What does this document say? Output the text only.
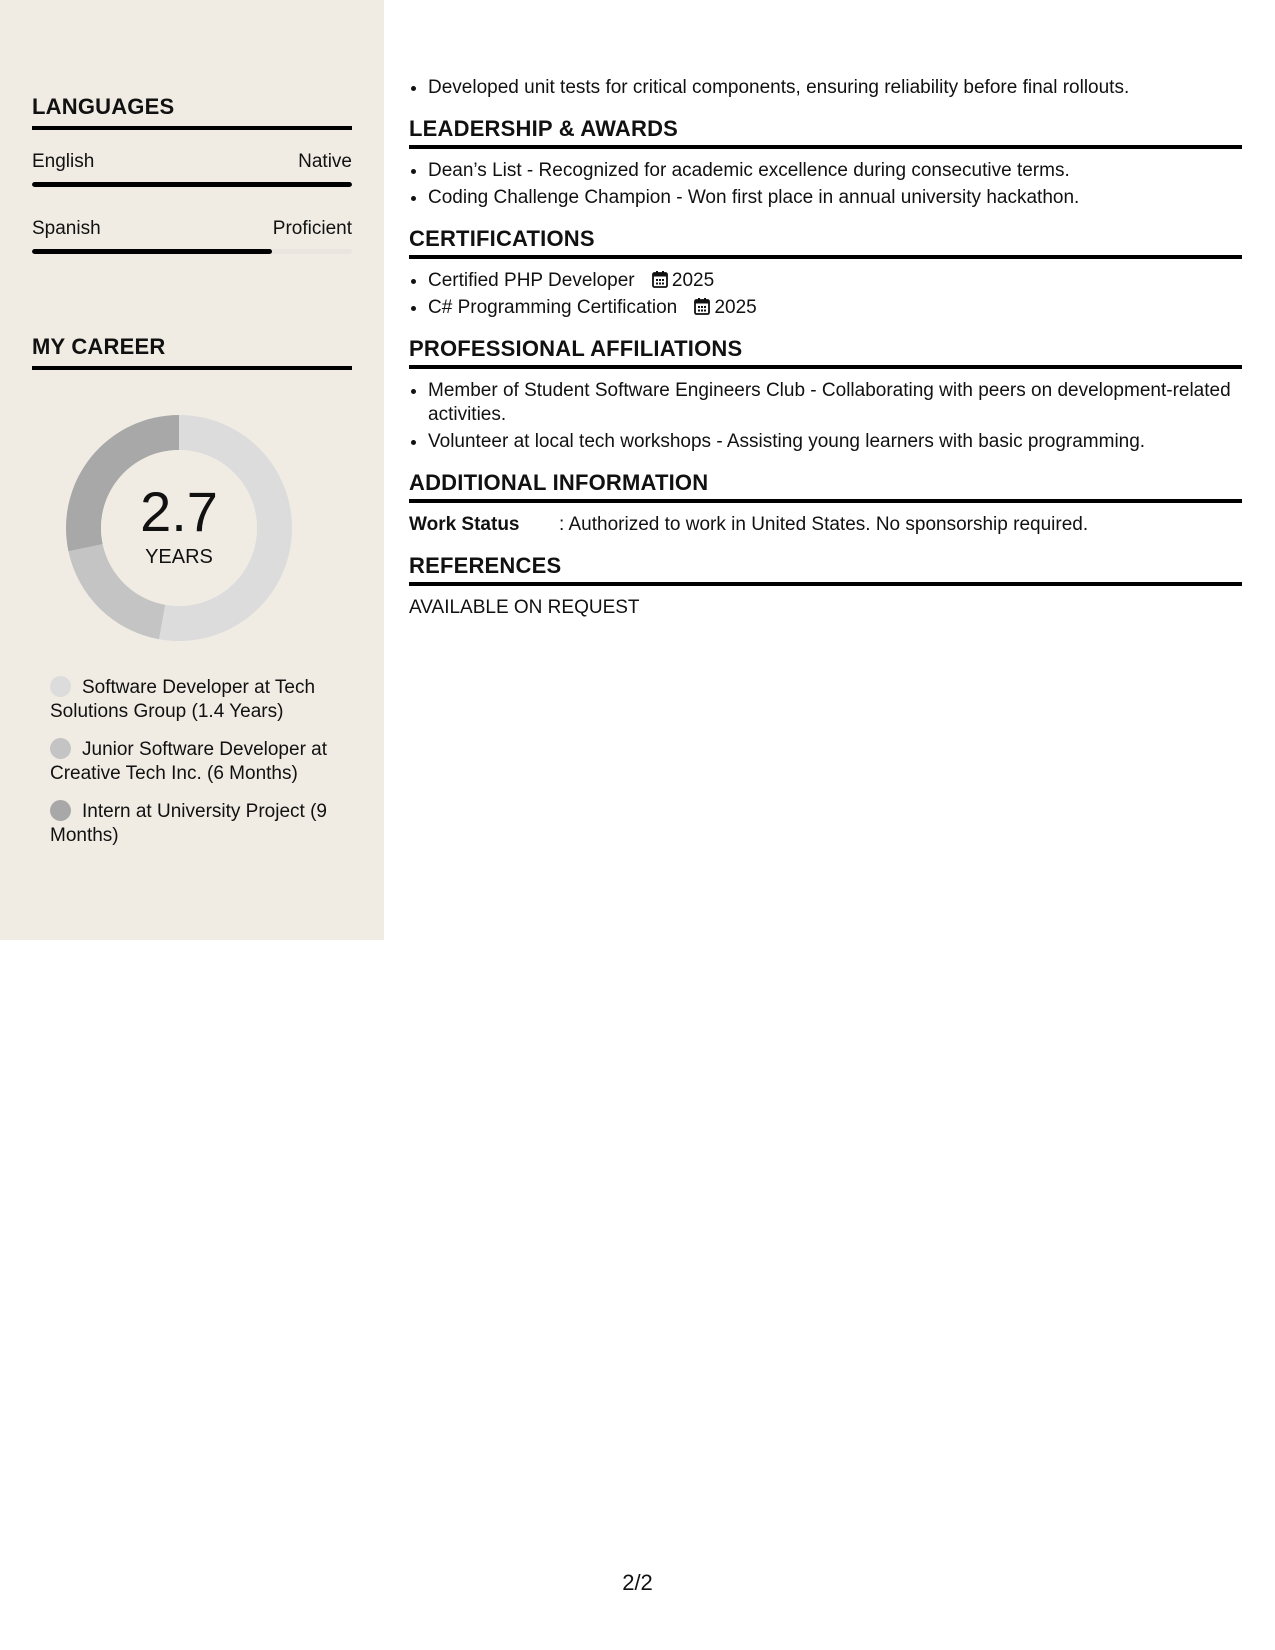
LANGUAGES
English	Native
Spanish	Proficient
MY CAREER
2.7
YEARS
Software Developer at Tech Solutions Group (1.4 Years)
Junior Software Developer at Creative Tech Inc. (6 Months)
Intern at University Project (9 Months)
• Developed unit tests for critical components, ensuring reliability before final rollouts.
LEADERSHIP & AWARDS
• Dean’s List - Recognized for academic excellence during consecutive terms.
• Coding Challenge Champion - Won first place in annual university hackathon.
CERTIFICATIONS
• Certified PHP Developer 2025
• C# Programming Certification 2025
PROFESSIONAL AFFILIATIONS
• Member of Student Software Engineers Club - Collaborating with peers on development-related activities.
• Volunteer at local tech workshops - Assisting young learners with basic programming.
ADDITIONAL INFORMATION
Work Status	: Authorized to work in United States. No sponsorship required.
REFERENCES
AVAILABLE ON REQUEST
2/2
